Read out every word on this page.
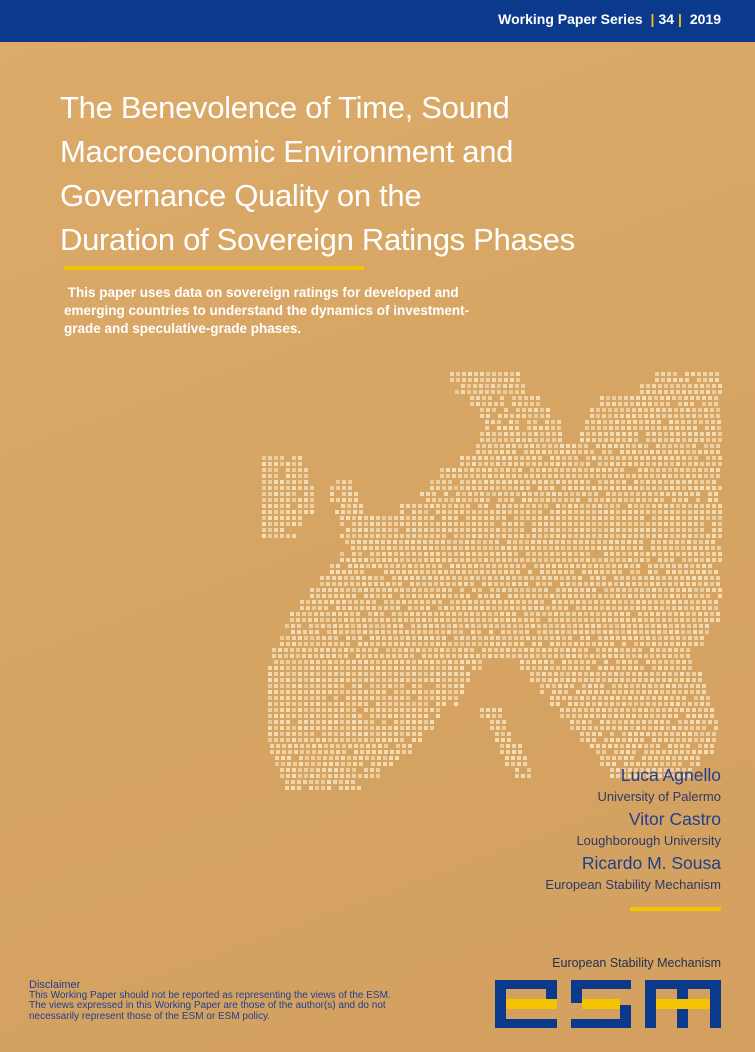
Working Paper Series | 34 | 2019
The Benevolence of Time, Sound
Macroeconomic Environment and
Governance Quality on the
Duration of Sovereign Ratings Phases
This paper uses data on sovereign ratings for developed and
emerging countries to understand the dynamics of investment-
grade and speculative-grade phases.
Luca Agnello
University of Palermo
Vitor Castro
Loughborough University
Ricardo M. Sousa
European Stability Mechanism
Disclaimer
This Working Paper should not be reported as representing the views of the ESM.
The views expressed in this Working Paper are those of the author(s) and do not
necessarily represent those of the ESM or ESM policy.
European Stability Mechanism
